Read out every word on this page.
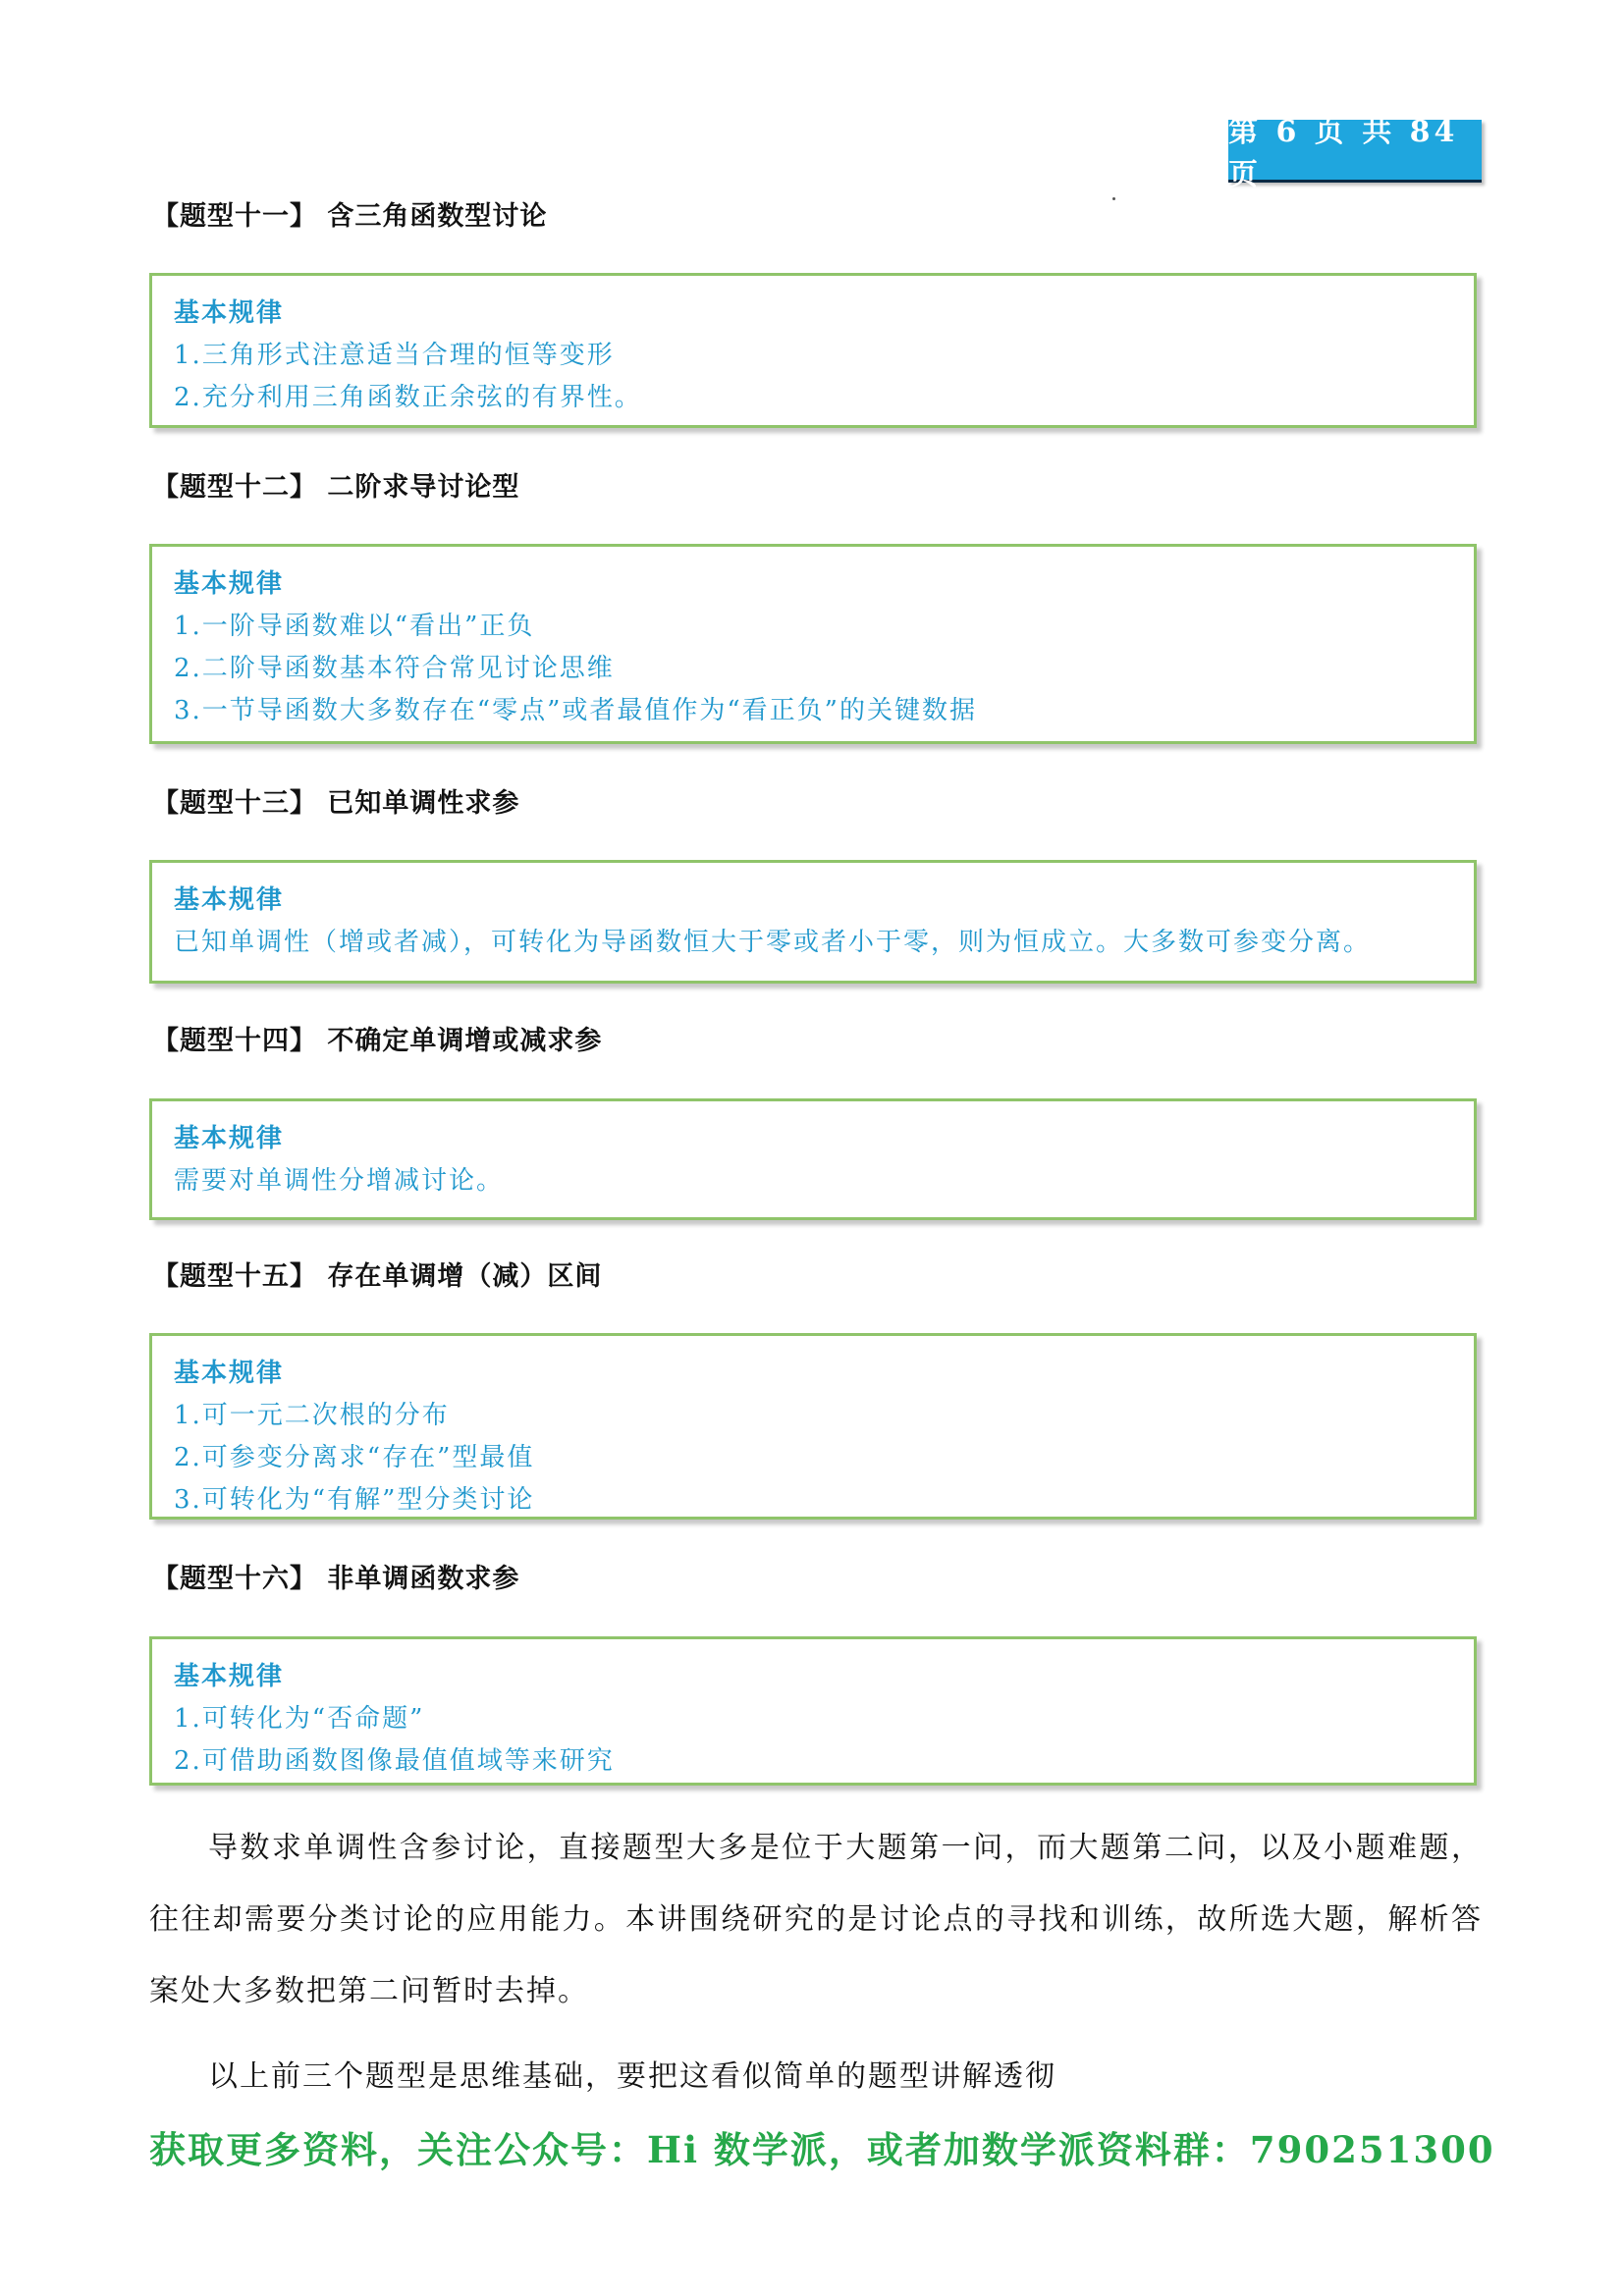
第 6 页 共 84 页
【题型十一】 含三角函数型讨论
基本规律
1.三角形式注意适当合理的恒等变形
2.充分利用三角函数正余弦的有界性。
【题型十二】 二阶求导讨论型
基本规律
1.一阶导函数难以“看出”正负
2.二阶导函数基本符合常见讨论思维
3.一节导函数大多数存在“零点”或者最值作为“看正负”的关键数据
【题型十三】 已知单调性求参
基本规律
已知单调性（增或者减），可转化为导函数恒大于零或者小于零，则为恒成立。大多数可参变分离。
【题型十四】 不确定单调增或减求参
基本规律
需要对单调性分增减讨论。
【题型十五】 存在单调增（减）区间
基本规律
1.可一元二次根的分布
2.可参变分离求“存在”型最值
3.可转化为“有解”型分类讨论
【题型十六】 非单调函数求参
基本规律
1.可转化为“否命题”
2.可借助函数图像最值值域等来研究
导数求单调性含参讨论，直接题型大多是位于大题第一问，而大题第二问，以及小题难题，往往却需要分类讨论的应用能力。本讲围绕研究的是讨论点的寻找和训练，故所选大题，解析答案处大多数把第二问暂时去掉。
以上前三个题型是思维基础，要把这看似简单的题型讲解透彻
获取更多资料，关注公众号：Hi 数学派，或者加数学派资料群：790251300
